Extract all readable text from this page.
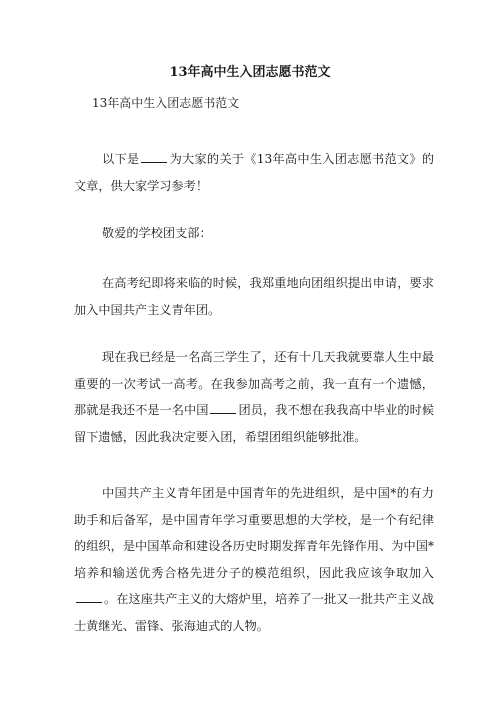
13年高中生入团志愿书范文
13年高中生入团志愿书范文

以下是 为大家的关于《13年高中生入团志愿书范文》的文章，供大家学习参考！

敬爱的学校团支部：

在高考纪即将来临的时候，我郑重地向团组织提出申请，要求加入中国共产主义青年团。

现在我已经是一名高三学生了，还有十几天我就要靠人生中最重要的一次考试一高考。在我参加高考之前，我一直有一个遗憾，那就是我还不是一名中国 团员，我不想在我我高中毕业的时候留下遗憾，因此我决定要入团，希望团组织能够批准。

中国共产主义青年团是中国青年的先进组织，是中国*的有力助手和后备军，是中国青年学习重要思想的大学校，是一个有纪律的组织，是中国革命和建设各历史时期发挥青年先锋作用、为中国*培养和输送优秀合格先进分子的模范组织，因此我应该争取加入。在这座共产主义的大熔炉里，培养了一批又一批共产主义战士黄继光、雷锋、张海迪式的人物。
